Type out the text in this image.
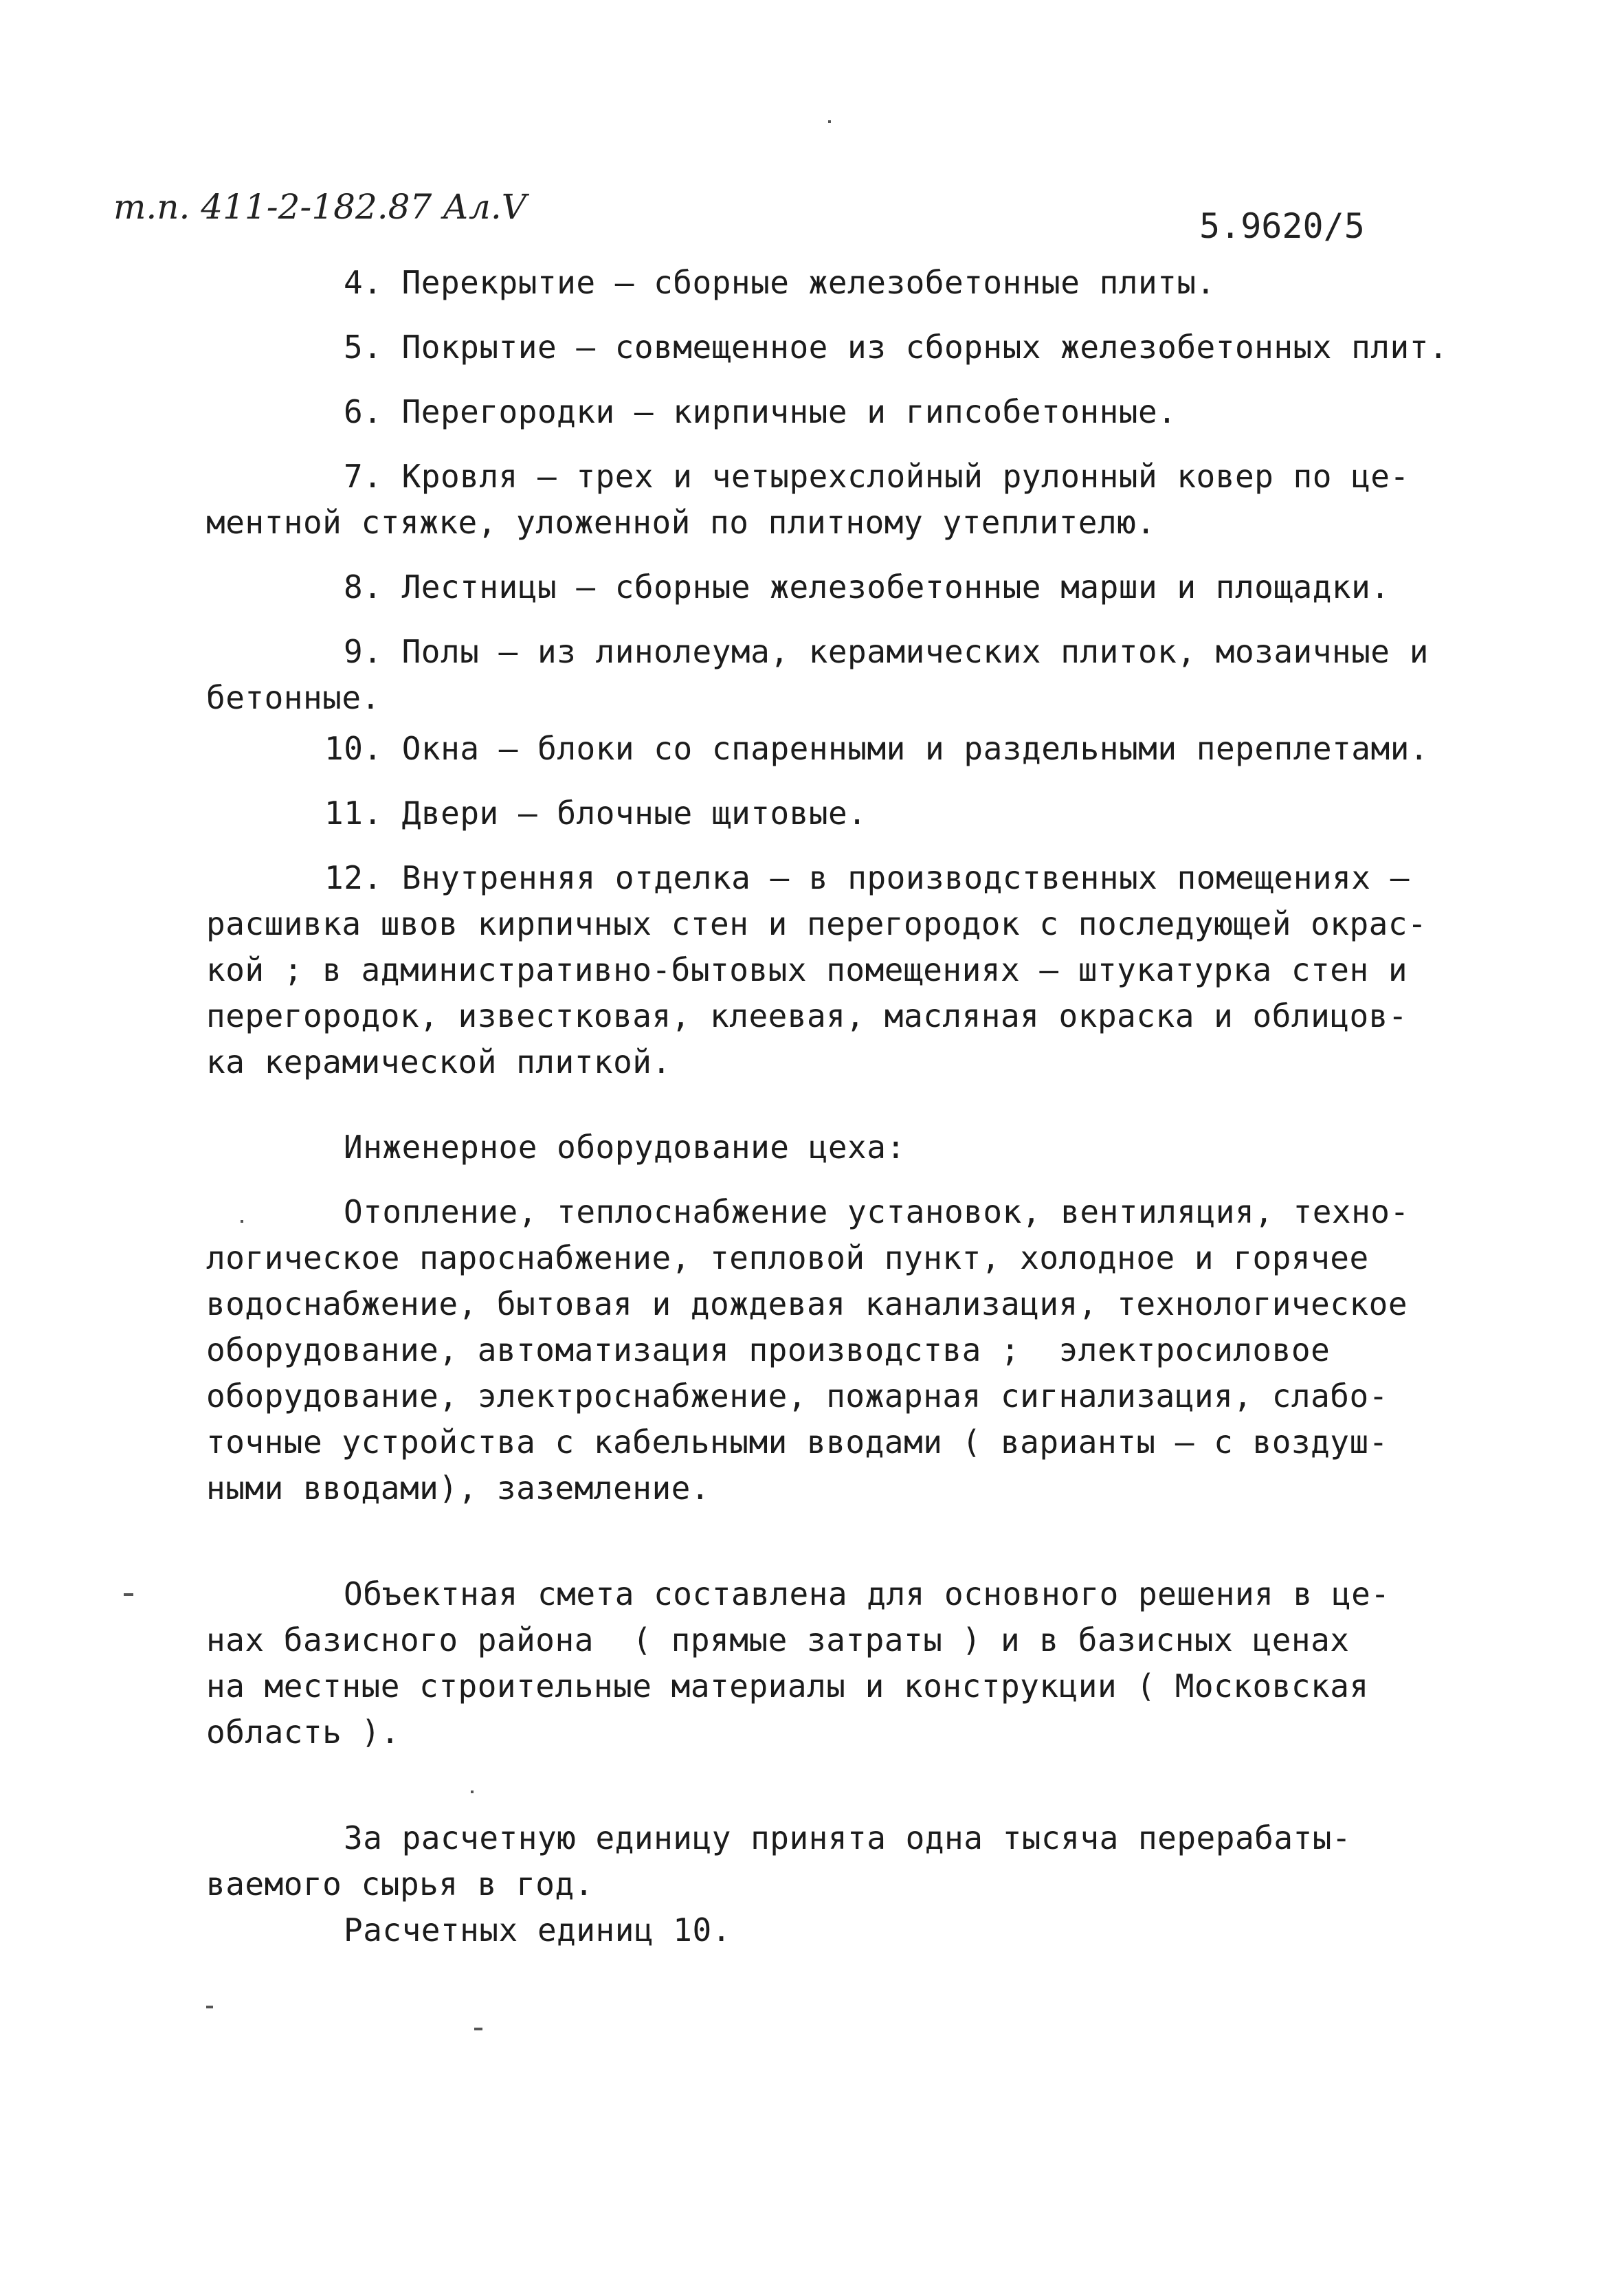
т.п. 411-2-182.87 Ал.V	5.9620/5
4. Перекрытие – сборные железобетонные плиты.
5. Покрытие – совмещенное из сборных железобетонных плит.
6. Перегородки – кирпичные и гипсобетонные.
7. Кровля – трех и четырехслойный рулонный ковер по це-
ментной стяжке, уложенной по плитному утеплителю.
8. Лестницы – сборные железобетонные марши и площадки.
9. Полы – из линолеума, керамических плиток, мозаичные и
бетонные.
10. Окна – блоки со спаренными и раздельными переплетами.
11. Двери – блочные щитовые.
12. Внутренняя отделка – в производственных помещениях –
расшивка швов кирпичных стен и перегородок с последующей окрас-
кой ; в административно-бытовых помещениях – штукатурка стен и
перегородок, известковая, клеевая, масляная окраска и облицов-
ка керамической плиткой.
Инженерное оборудование цеха:
Отопление, теплоснабжение установок, вентиляция, техно-
логическое пароснабжение, тепловой пункт, холодное и горячее
водоснабжение, бытовая и дождевая канализация, технологическое
оборудование, автоматизация производства ;  электросиловое
оборудование, электроснабжение, пожарная сигнализация, слабо-
точные устройства с кабельными вводами ( варианты – с воздуш-
ными вводами), заземление.
Объектная смета составлена для основного решения в це-
нах базисного района  ( прямые затраты ) и в базисных ценах
на местные строительные материалы и конструкции ( Московская
область ).
За расчетную единицу принята одна тысяча перерабаты-
ваемого сырья в год.
Расчетных единиц 10.
